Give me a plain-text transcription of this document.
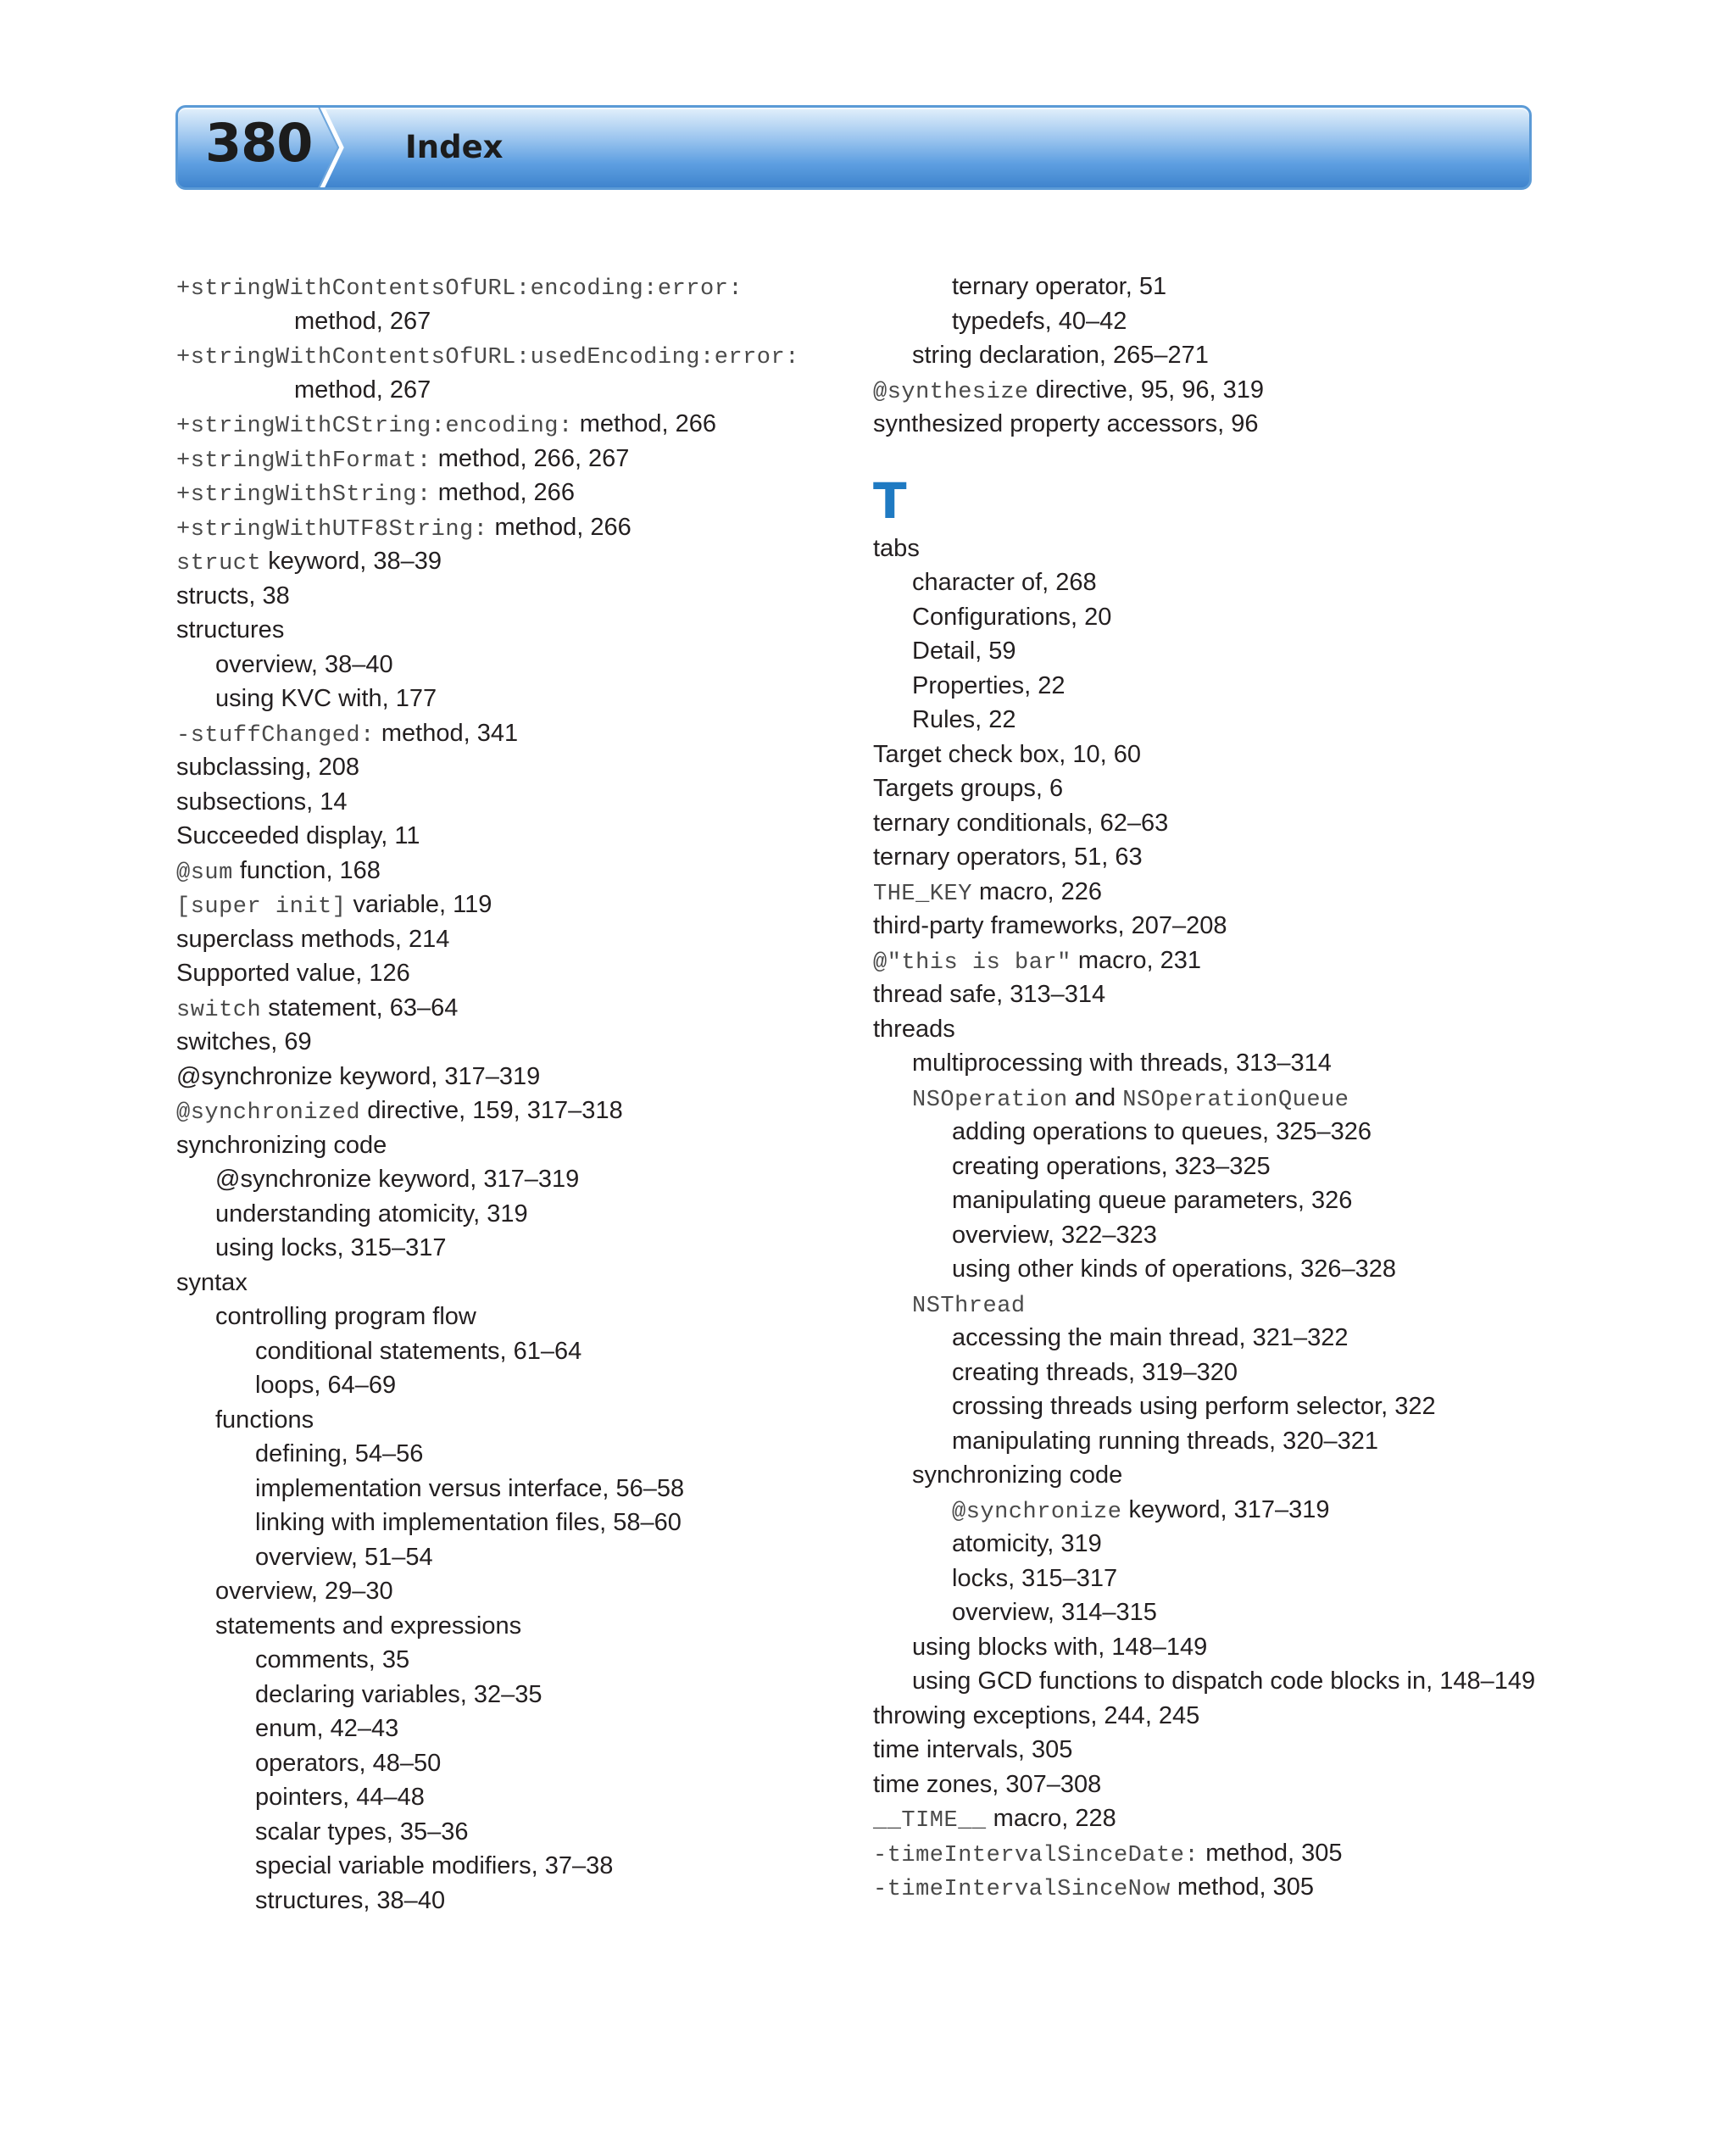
380	Index
+stringWithContentsOfURL:encoding:error:
method, 267
+stringWithContentsOfURL:usedEncoding:error:
method, 267
+stringWithCString:encoding: method, 266
+stringWithFormat: method, 266, 267
+stringWithString: method, 266
+stringWithUTF8String: method, 266
struct keyword, 38–39
structs, 38
structures
overview, 38–40
using KVC with, 177
-stuffChanged: method, 341
subclassing, 208
subsections, 14
Succeeded display, 11
@sum function, 168
[super init] variable, 119
superclass methods, 214
Supported value, 126
switch statement, 63–64
switches, 69
@synchronize keyword, 317–319
@synchronized directive, 159, 317–318
synchronizing code
@synchronize keyword, 317–319
understanding atomicity, 319
using locks, 315–317
syntax
controlling program flow
conditional statements, 61–64
loops, 64–69
functions
defining, 54–56
implementation versus interface, 56–58
linking with implementation files, 58–60
overview, 51–54
overview, 29–30
statements and expressions
comments, 35
declaring variables, 32–35
enum, 42–43
operators, 48–50
pointers, 44–48
scalar types, 35–36
special variable modifiers, 37–38
structures, 38–40
ternary operator, 51
typedefs, 40–42
string declaration, 265–271
@synthesize directive, 95, 96, 319
synthesized property accessors, 96
T
tabs
character of, 268
Configurations, 20
Detail, 59
Properties, 22
Rules, 22
Target check box, 10, 60
Targets groups, 6
ternary conditionals, 62–63
ternary operators, 51, 63
THE_KEY macro, 226
third-party frameworks, 207–208
@"this is bar" macro, 231
thread safe, 313–314
threads
multiprocessing with threads, 313–314
NSOperation and NSOperationQueue
adding operations to queues, 325–326
creating operations, 323–325
manipulating queue parameters, 326
overview, 322–323
using other kinds of operations, 326–328
NSThread
accessing the main thread, 321–322
creating threads, 319–320
crossing threads using perform selector, 322
manipulating running threads, 320–321
synchronizing code
@synchronize keyword, 317–319
atomicity, 319
locks, 315–317
overview, 314–315
using blocks with, 148–149
using GCD functions to dispatch code blocks in, 148–149
throwing exceptions, 244, 245
time intervals, 305
time zones, 307–308
__TIME__ macro, 228
-timeIntervalSinceDate: method, 305
-timeIntervalSinceNow method, 305
